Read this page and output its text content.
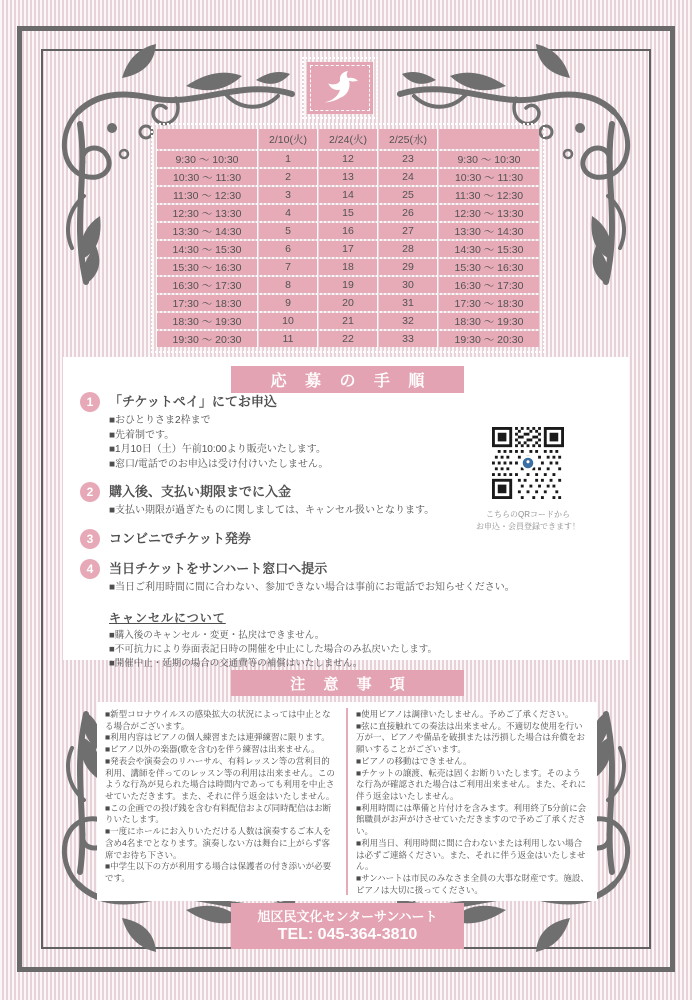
	2/10(火)	2/24(火)	2/25(水)	
9:30 ～ 10:30	1	12	23	9:30 ～ 10:30
10:30 ～ 11:30	2	13	24	10:30 ～ 11:30
11:30 ～ 12:30	3	14	25	11:30 ～ 12:30
12:30 ～ 13:30	4	15	26	12:30 ～ 13:30
13:30 ～ 14:30	5	16	27	13:30 ～ 14:30
14:30 ～ 15:30	6	17	28	14:30 ～ 15:30
15:30 ～ 16:30	7	18	29	15:30 ～ 16:30
16:30 ～ 17:30	8	19	30	16:30 ～ 17:30
17:30 ～ 18:30	9	20	31	17:30 ～ 18:30
18:30 ～ 19:30	10	21	32	18:30 ～ 19:30
19:30 ～ 20:30	11	22	33	19:30 ～ 20:30
応 募 の 手 順
1	「チケットペイ」にてお申込
■おひとりさま2枠まで
■先着制です。
■1月10日（土）午前10:00より販売いたします。
■窓口/電話でのお申込は受け付けいたしません。
2	購入後、支払い期限までに入金
■支払い期限が過ぎたものに関しましては、キャンセル扱いとなります。
3	コンビニでチケット発券
4	当日チケットをサンハート窓口へ提示
■当日ご利用時間に間に合わない、参加できない場合は事前にお電話でお知らせください。
キャンセルについて
■購入後のキャンセル・変更・払戻はできません。
■不可抗力により券面表記日時の開催を中止にした場合のみ払戻いたします。
■開催中止・延期の場合の交通費等の補償はいたしません。
こちらのQRコードから
お申込・会員登録できます！
注 意 事 項

■新型コロナウイルスの感染拡大の状況によっては中止となる場合がございます。

■利用内容はピアノの個人練習または連弾練習に限ります。

■ピアノ以外の楽器(歌を含む)を伴う練習は出来ません。

■発表会や演奏会のリハーサル、有料レッスン等の営利目的利用、講師を伴ってのレッスン等の利用は出来ません。このような行為が見られた場合は時間内であっても利用を中止させていただきます。また、それに伴う返金はいたしません。

■この企画での投げ銭を含む有料配信および同時配信はお断りいたします。

■一度にホールにお入りいただける人数は演奏するご本人を含め4名までとなります。演奏しない方は舞台に上がらず客席でお待ち下さい。

■中学生以下の方が利用する場合は保護者の付き添いが必要です。

■使用ピアノは調律いたしません。予めご了承ください。

■弦に直接触れての奏法は出来ません。不適切な使用を行い万が一、ピアノや備品を破損または汚損した場合は弁償をお願いすることがございます。

■ピアノの移動はできません。

■チケットの譲渡、転売は固くお断りいたします。そのような行為が確認された場合はご利用出来ません。また、それに伴う返金はいたしません。

■利用時間には準備と片付けを含みます。利用終了5分前に会館職員がお声がけさせていただきますので予めご了承ください。

■利用当日、利用時間に間に合わないまたは利用しない場合は必ずご連絡ください。また、それに伴う返金はいたしません。

■サンハートは市民のみなさま全員の大事な財産です。施設、ピアノは大切に扱ってください。

旭区民文化センターサンハート
TEL: 045-364-3810
